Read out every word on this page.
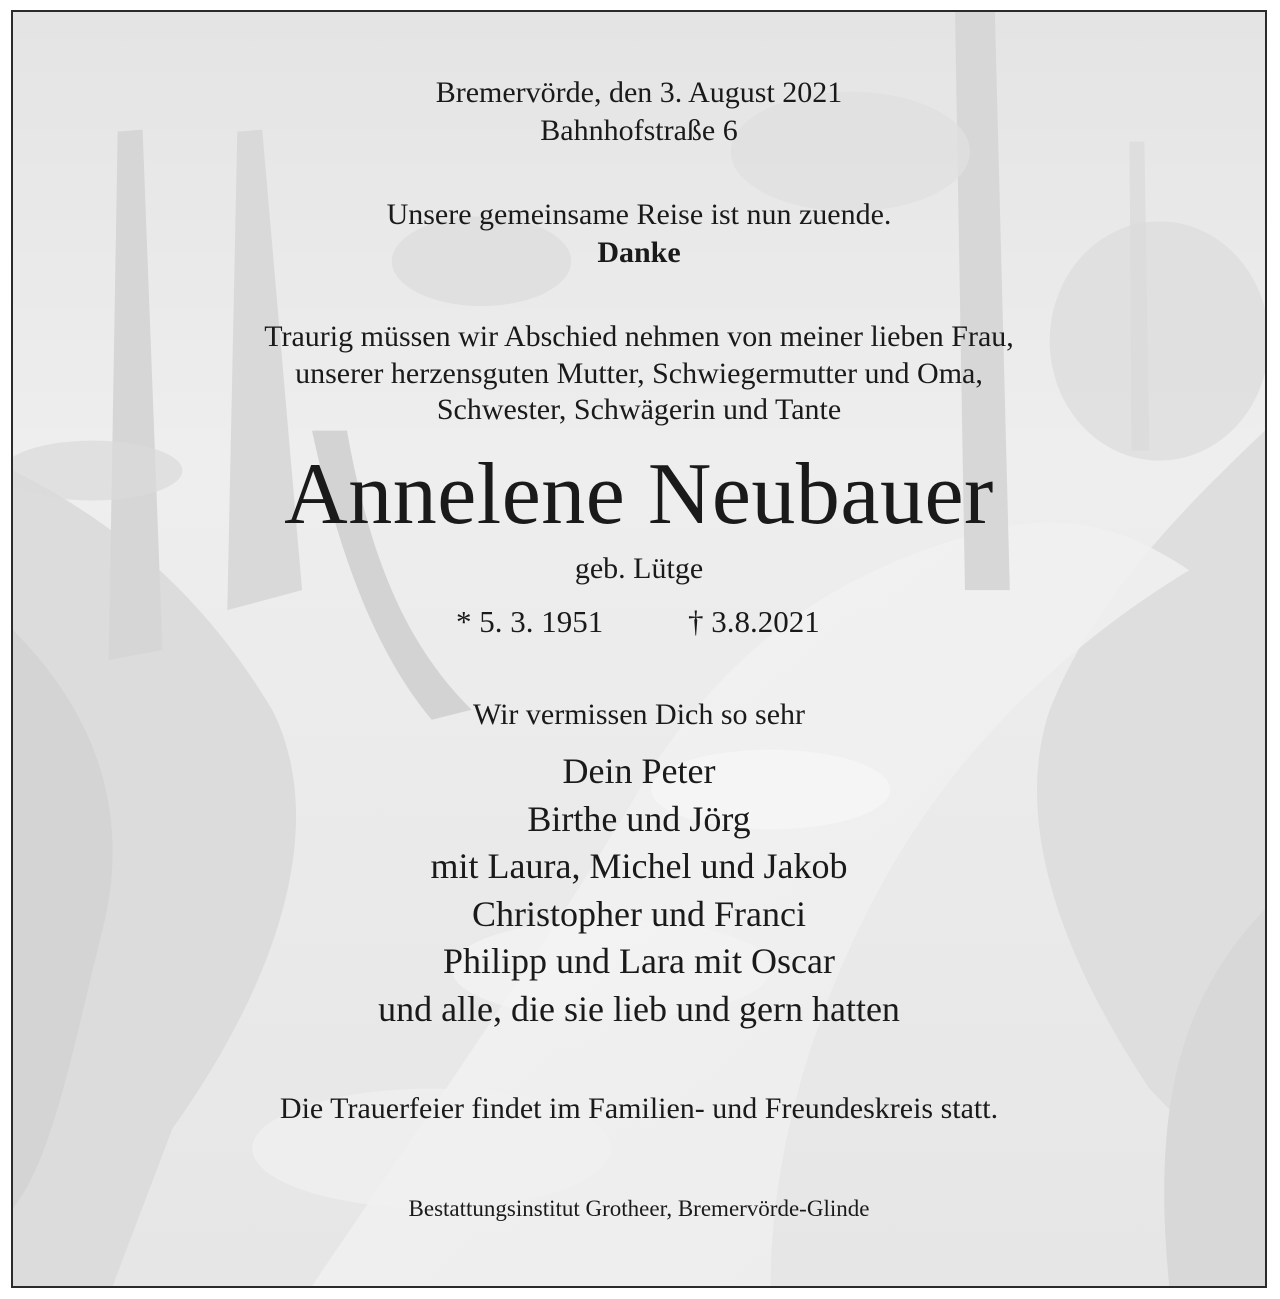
Bremervörde, den 3. August 2021

Bahnhofstraße 6

Unsere gemeinsame Reise ist nun zuende.

Danke

Traurig müssen wir Abschied nehmen von meiner lieben Frau,

unserer herzensguten Mutter, Schwiegermutter und Oma,

Schwester, Schwägerin und Tante

Annelene Neubauer

geb. Lütge

* 5. 3. 1951	† 3.8.2021

Wir vermissen Dich so sehr

Dein Peter

Birthe und Jörg

mit Laura, Michel und Jakob

Christopher und Franci

Philipp und Lara mit Oscar

und alle, die sie lieb und gern hatten

Die Trauerfeier findet im Familien- und Freundeskreis statt.

Bestattungsinstitut Grotheer, Bremervörde-Glinde
